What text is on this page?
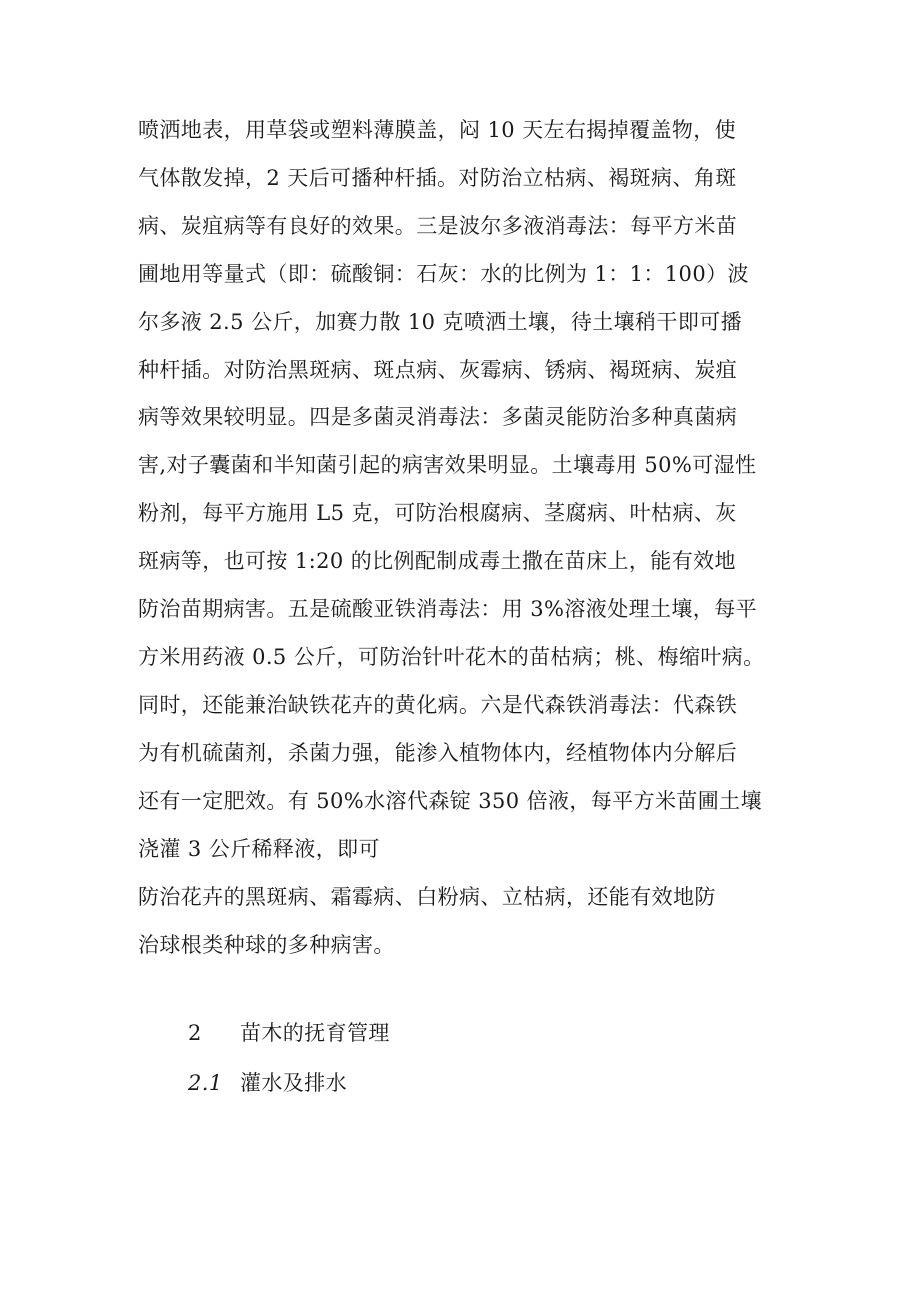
喷洒地表，用草袋或塑料薄膜盖，闷 10 天左右揭掉覆盖物，使
气体散发掉，2 天后可播种杆插。对防治立枯病、褐斑病、角斑
病、炭疽病等有良好的效果。三是波尔多液消毒法：每平方米苗
圃地用等量式（即：硫酸铜：石灰：水的比例为 1：1：100）波
尔多液 2.5 公斤，加赛力散 10 克喷洒土壤，待土壤稍干即可播
种杆插。对防治黑斑病、斑点病、灰霉病、锈病、褐斑病、炭疽
病等效果较明显。四是多菌灵消毒法：多菌灵能防治多种真菌病
害,对子囊菌和半知菌引起的病害效果明显。土壤毒用 50%可湿性
粉剂，每平方施用 L5 克，可防治根腐病、茎腐病、叶枯病、灰
斑病等，也可按 1:20 的比例配制成毒土撒在苗床上，能有效地
防治苗期病害。五是硫酸亚铁消毒法：用 3%溶液处理土壤，每平
方米用药液 0.5 公斤，可防治针叶花木的苗枯病；桃、梅缩叶病。
同时，还能兼治缺铁花卉的黄化病。六是代森铁消毒法：代森铁
为有机硫菌剂，杀菌力强，能渗入植物体内，经植物体内分解后
还有一定肥效。有 50%水溶代森锭 350 倍液，每平方米苗圃土壤
浇灌 3 公斤稀释液，即可
防治花卉的黑斑病、霜霉病、白粉病、立枯病，还能有效地防
治球根类种球的多种病害。
2 苗木的抚育管理
2.1 灌水及排水
